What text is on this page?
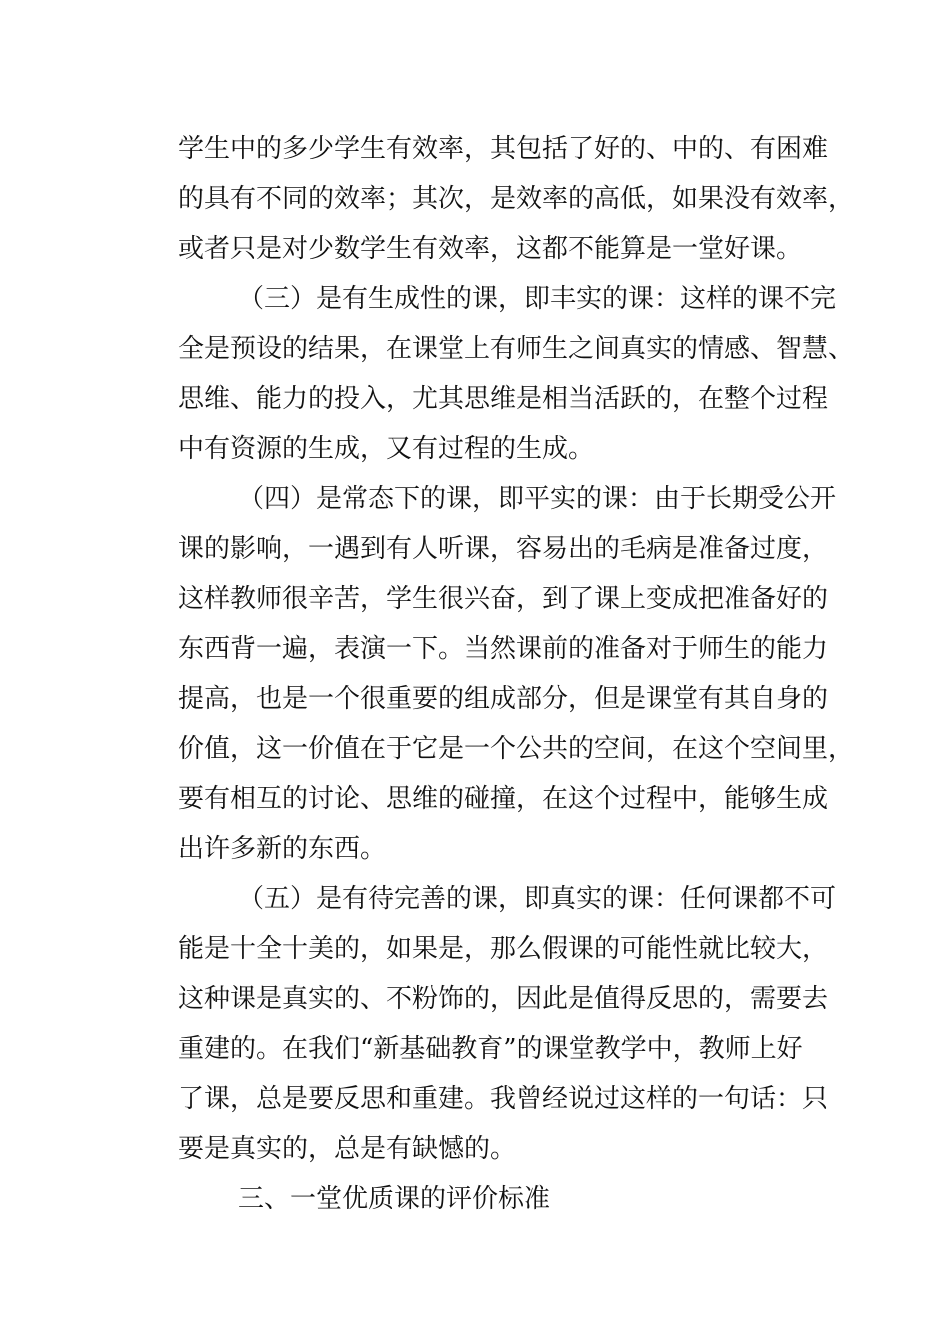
学生中的多少学生有效率，其包括了好的、中的、有困难
的具有不同的效率；其次，是效率的高低，如果没有效率，
或者只是对少数学生有效率，这都不能算是一堂好课。
（三）是有生成性的课，即丰实的课：这样的课不完
全是预设的结果，在课堂上有师生之间真实的情感、智慧、
思维、能力的投入，尤其思维是相当活跃的，在整个过程
中有资源的生成，又有过程的生成。
（四）是常态下的课，即平实的课：由于长期受公开
课的影响，一遇到有人听课，容易出的毛病是准备过度，
这样教师很辛苦，学生很兴奋，到了课上变成把准备好的
东西背一遍，表演一下。当然课前的准备对于师生的能力
提高，也是一个很重要的组成部分，但是课堂有其自身的
价值，这一价值在于它是一个公共的空间，在这个空间里，
要有相互的讨论、思维的碰撞，在这个过程中，能够生成
出许多新的东西。
（五）是有待完善的课，即真实的课：任何课都不可
能是十全十美的，如果是，那么假课的可能性就比较大，
这种课是真实的、不粉饰的，因此是值得反思的，需要去
重建的。在我们“新基础教育”的课堂教学中，教师上好
了课，总是要反思和重建。我曾经说过这样的一句话：只
要是真实的，总是有缺憾的。
三、一堂优质课的评价标准
